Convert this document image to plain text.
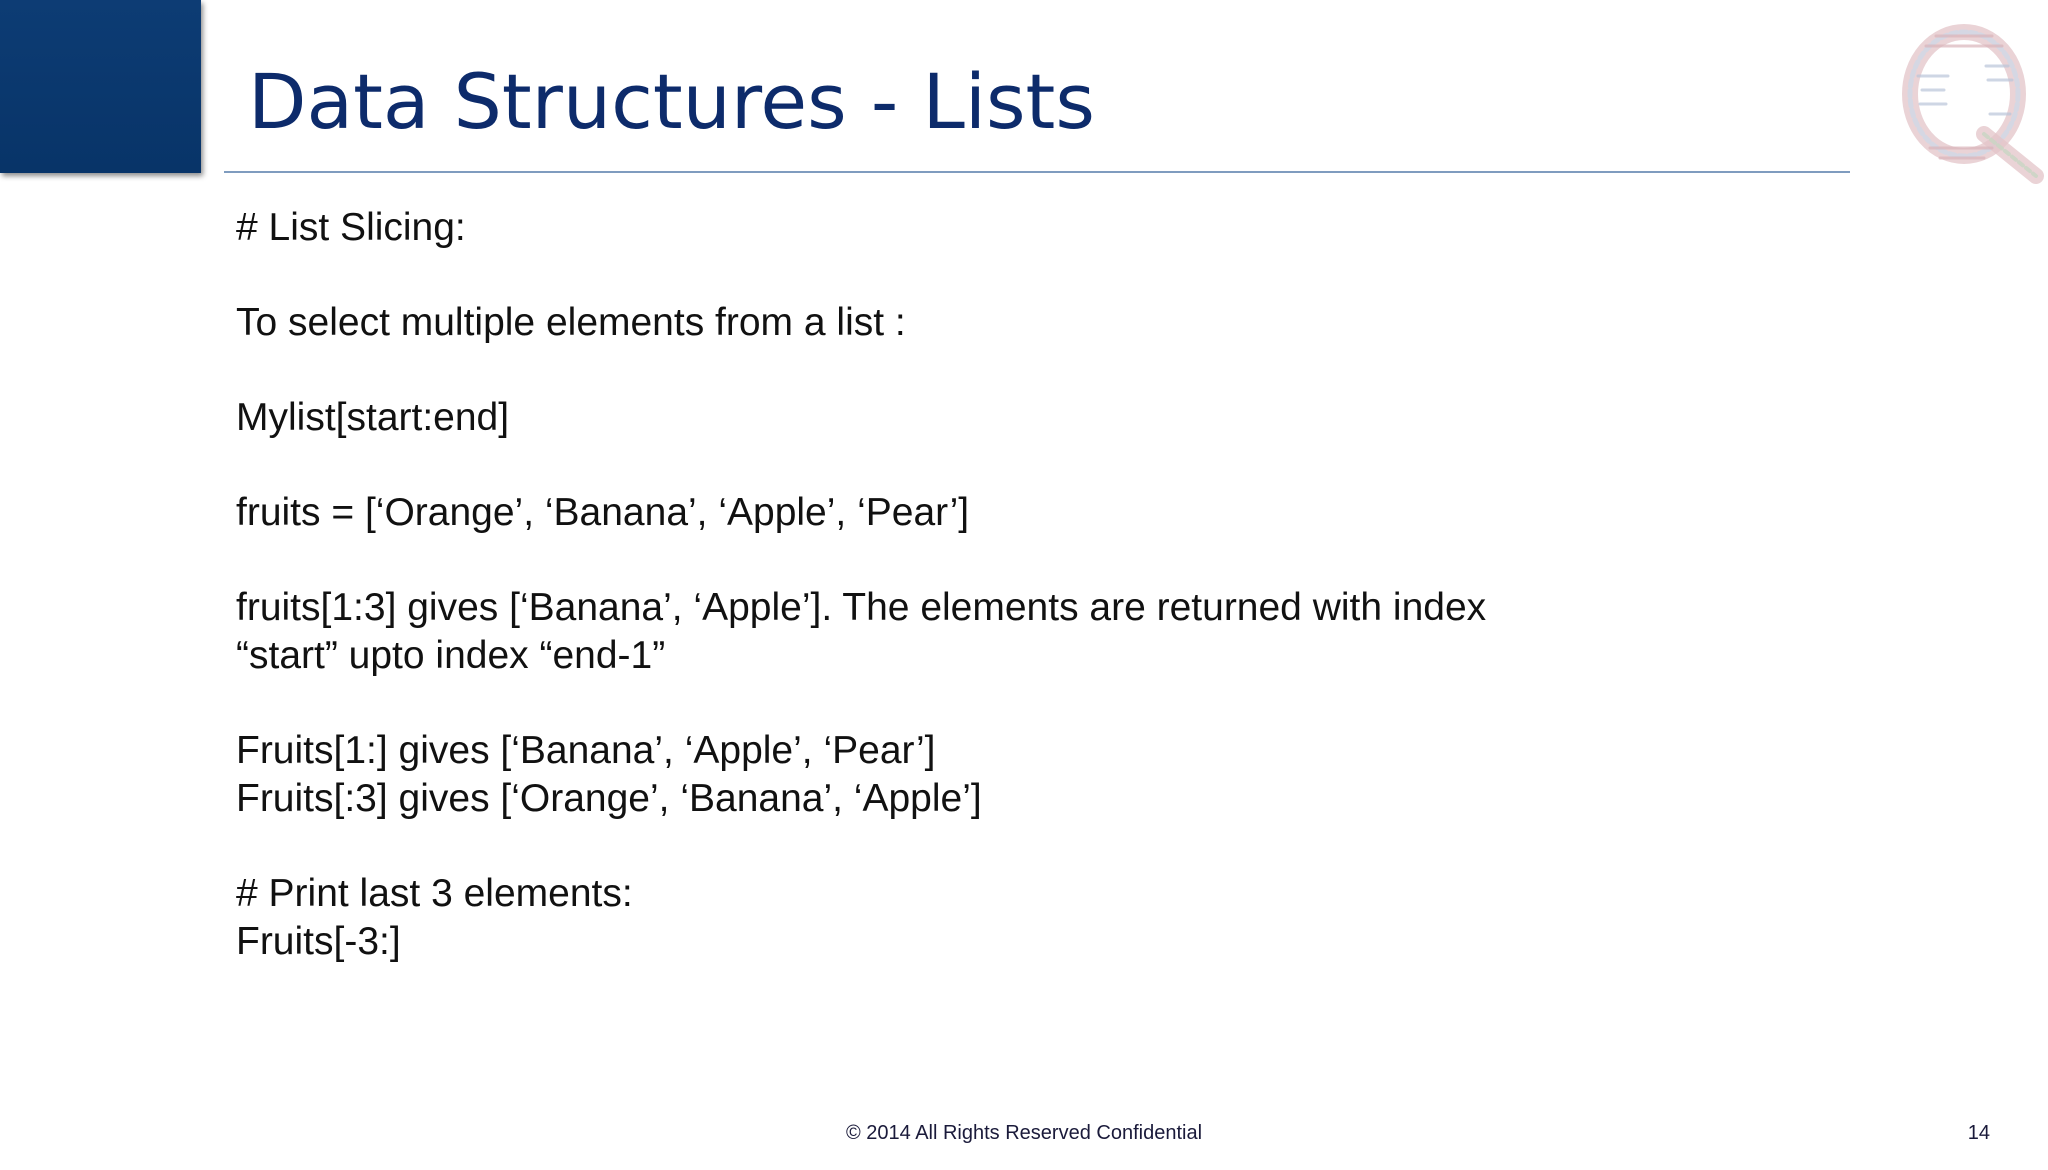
Data Structures - Lists
# List Slicing:
To select multiple elements from a list :
Mylist[start:end]
fruits = [‘Orange’, ‘Banana’, ‘Apple’, ‘Pear’]
fruits[1:3] gives [‘Banana’, ‘Apple’]. The elements are returned with index
“start” upto index “end-1”
Fruits[1:] gives [‘Banana’, ‘Apple’, ‘Pear’]
Fruits[:3] gives [‘Orange’, ‘Banana’, ‘Apple’]
# Print last 3 elements:
Fruits[-3:]
© 2014 All Rights Reserved Confidential	14
